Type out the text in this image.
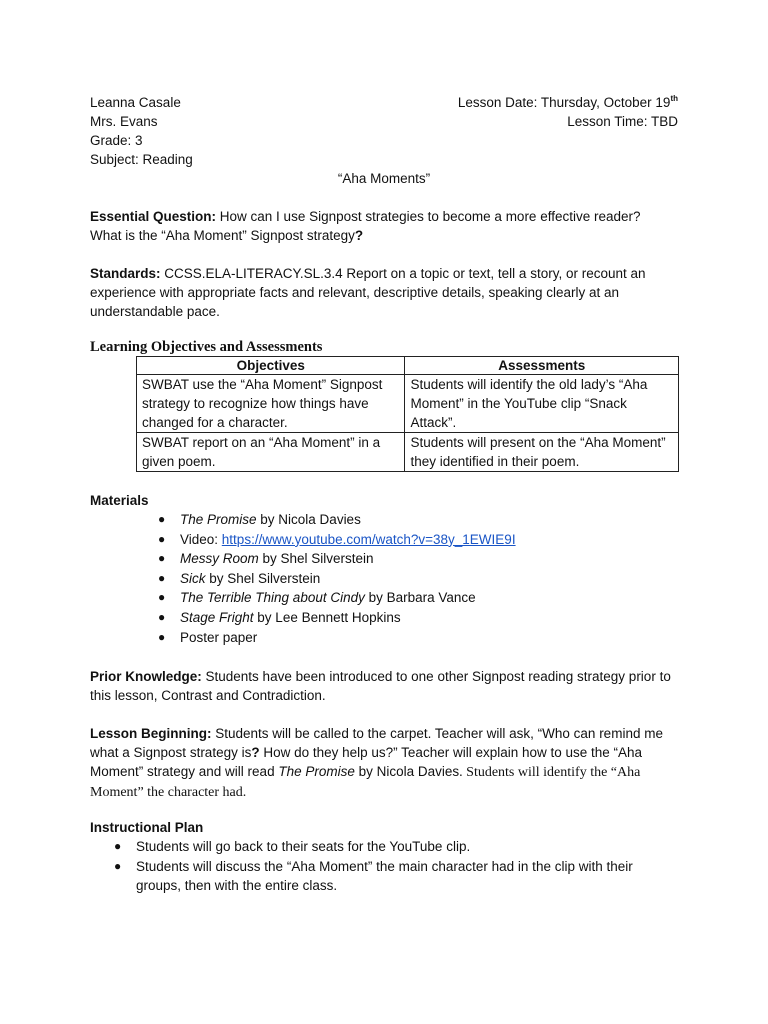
Leanna Casale
Mrs. Evans
Grade: 3
Subject: Reading
Lesson Date: Thursday, October 19th
Lesson Time: TBD
“Aha Moments”
Essential Question: How can I use Signpost strategies to become a more effective reader?
What is the “Aha Moment” Signpost strategy?
Standards: CCSS.ELA-LITERACY.SL.3.4 Report on a topic or text, tell a story, or recount an experience with appropriate facts and relevant, descriptive details, speaking clearly at an understandable pace.
Learning Objectives and Assessments
Objectives	Assessments
SWBAT use the “Aha Moment” Signpost strategy to recognize how things have changed for a character.	Students will identify the old lady’s “Aha Moment” in the YouTube clip “Snack Attack”.
SWBAT report on an “Aha Moment” in a given poem.	Students will present on the “Aha Moment” they identified in their poem.
Materials
● The Promise by Nicola Davies
● Video: https://www.youtube.com/watch?v=38y_1EWIE9I
● Messy Room by Shel Silverstein
● Sick by Shel Silverstein
● The Terrible Thing about Cindy by Barbara Vance
● Stage Fright by Lee Bennett Hopkins
● Poster paper
Prior Knowledge: Students have been introduced to one other Signpost reading strategy prior to this lesson, Contrast and Contradiction.
Lesson Beginning: Students will be called to the carpet. Teacher will ask, “Who can remind me what a Signpost strategy is? How do they help us?” Teacher will explain how to use the “Aha Moment” strategy and will read The Promise by Nicola Davies. Students will identify the “Aha Moment” the character had.
Instructional Plan
● Students will go back to their seats for the YouTube clip.
● Students will discuss the “Aha Moment” the main character had in the clip with their groups, then with the entire class.
